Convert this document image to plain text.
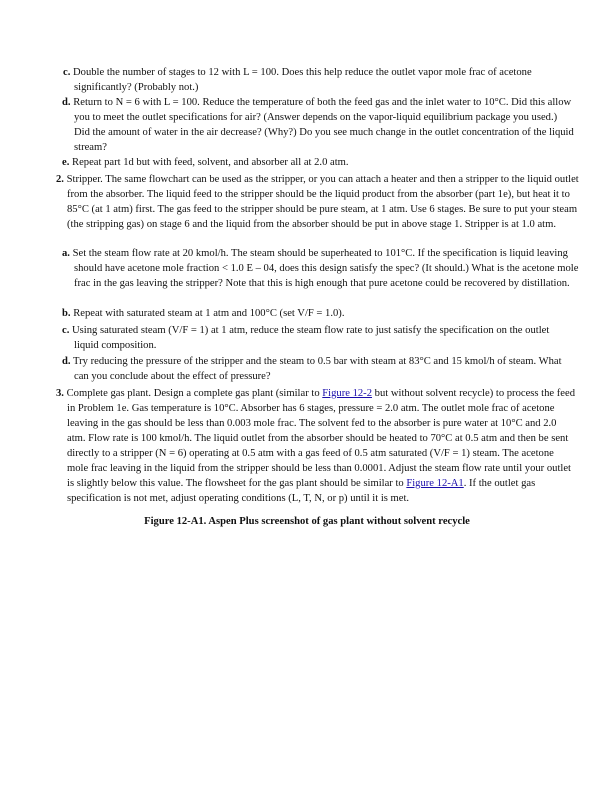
c. Double the number of stages to 12 with L = 100. Does this help reduce the outlet vapor mole frac of acetone significantly? (Probably not.)
d. Return to N = 6 with L = 100. Reduce the temperature of both the feed gas and the inlet water to 10°C. Did this allow you to meet the outlet specifications for air? (Answer depends on the vapor-liquid equilibrium package you used.) Did the amount of water in the air decrease? (Why?) Do you see much change in the outlet concentration of the liquid stream?
e. Repeat part 1d but with feed, solvent, and absorber all at 2.0 atm.
2. Stripper. The same flowchart can be used as the stripper, or you can attach a heater and then a stripper to the liquid outlet from the absorber. The liquid feed to the stripper should be the liquid product from the absorber (part 1e), but heat it to 85°C (at 1 atm) first. The gas feed to the stripper should be pure steam, at 1 atm. Use 6 stages. Be sure to put your steam (the stripping gas) on stage 6 and the liquid from the absorber should be put in above stage 1. Stripper is at 1.0 atm.
a. Set the steam flow rate at 20 kmol/h. The steam should be superheated to 101°C. If the specification is liquid leaving should have acetone mole fraction < 1.0 E – 04, does this design satisfy the spec? (It should.) What is the acetone mole frac in the gas leaving the stripper? Note that this is high enough that pure acetone could be recovered by distillation.
b. Repeat with saturated steam at 1 atm and 100°C (set V/F = 1.0).
c. Using saturated steam (V/F = 1) at 1 atm, reduce the steam flow rate to just satisfy the specification on the outlet liquid composition.
d. Try reducing the pressure of the stripper and the steam to 0.5 bar with steam at 83°C and 15 kmol/h of steam. What can you conclude about the effect of pressure?
3. Complete gas plant. Design a complete gas plant (similar to Figure 12-2 but without solvent recycle) to process the feed in Problem 1e. Gas temperature is 10°C. Absorber has 6 stages, pressure = 2.0 atm. The outlet mole frac of acetone leaving in the gas should be less than 0.003 mole frac. The solvent fed to the absorber is pure water at 10°C and 2.0 atm. Flow rate is 100 kmol/h. The liquid outlet from the absorber should be heated to 70°C at 0.5 atm and then be sent directly to a stripper (N = 6) operating at 0.5 atm with a gas feed of 0.5 atm saturated (V/F = 1) steam. The acetone mole frac leaving in the liquid from the stripper should be less than 0.0001. Adjust the steam flow rate until your outlet is slightly below this value. The flowsheet for the gas plant should be similar to Figure 12-A1. If the outlet gas specification is not met, adjust operating conditions (L, T, N, or p) until it is met.
Figure 12-A1. Aspen Plus screenshot of gas plant without solvent recycle
